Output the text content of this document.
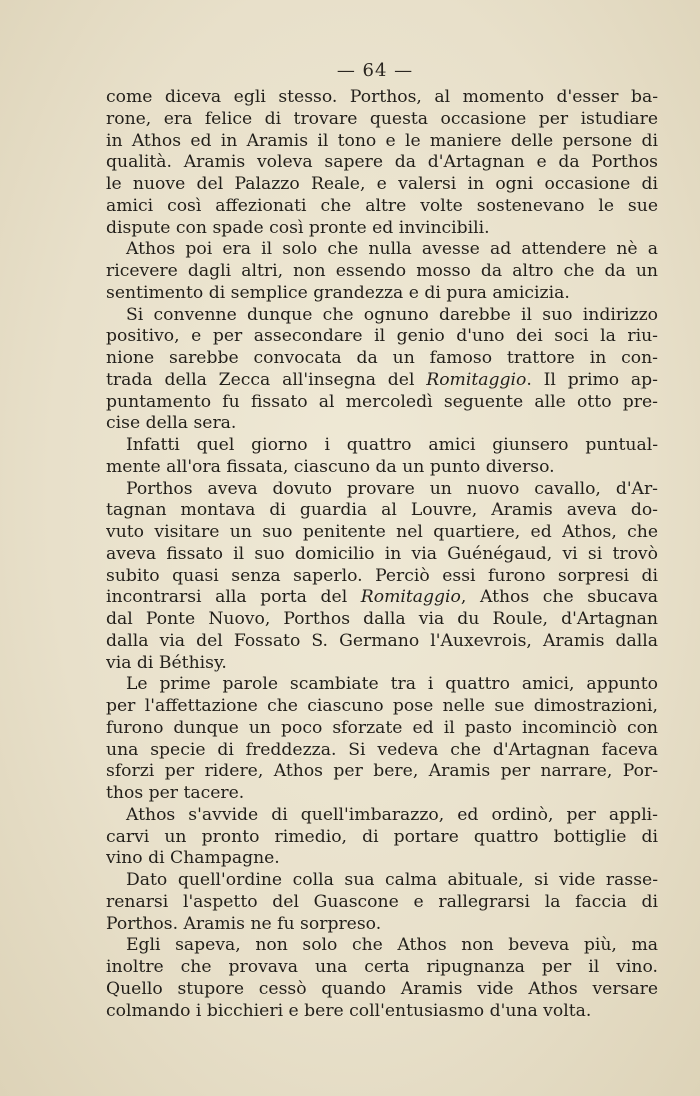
— 64 —
come diceva egli stesso. Porthos, al momento d'esser ba-
rone, era felice di trovare questa occasione per istudiare
in Athos ed in Aramis il tono e le maniere delle persone di
qualità. Aramis voleva sapere da d'Artagnan e da Porthos
le nuove del Palazzo Reale, e valersi in ogni occasione di
amici così affezionati che altre volte sostenevano le sue
dispute con spade così pronte ed invincibili.
Athos poi era il solo che nulla avesse ad attendere nè a
ricevere dagli altri, non essendo mosso da altro che da un
sentimento di semplice grandezza e di pura amicizia.
Si convenne dunque che ognuno darebbe il suo indirizzo
positivo, e per assecondare il genio d'uno dei soci la riu-
nione sarebbe convocata da un famoso trattore in con-
trada della Zecca all'insegna del Romitaggio. Il primo ap-
puntamento fu fissato al mercoledì seguente alle otto pre-
cise della sera.
Infatti quel giorno i quattro amici giunsero puntual-
mente all'ora fissata, ciascuno da un punto diverso.
Porthos aveva dovuto provare un nuovo cavallo, d'Ar-
tagnan montava di guardia al Louvre, Aramis aveva do-
vuto visitare un suo penitente nel quartiere, ed Athos, che
aveva fissato il suo domicilio in via Guénégaud, vi si trovò
subito quasi senza saperlo. Perciò essi furono sorpresi di
incontrarsi alla porta del Romitaggio, Athos che sbucava
dal Ponte Nuovo, Porthos dalla via du Roule, d'Artagnan
dalla via del Fossato S. Germano l'Auxevrois, Aramis dalla
via di Béthisy.
Le prime parole scambiate tra i quattro amici, appunto
per l'affettazione che ciascuno pose nelle sue dimostrazioni,
furono dunque un poco sforzate ed il pasto incominciò con
una specie di freddezza. Si vedeva che d'Artagnan faceva
sforzi per ridere, Athos per bere, Aramis per narrare, Por-
thos per tacere.
Athos s'avvide di quell'imbarazzo, ed ordinò, per appli-
carvi un pronto rimedio, di portare quattro bottiglie di
vino di Champagne.
Dato quell'ordine colla sua calma abituale, si vide rasse-
renarsi l'aspetto del Guascone e rallegrarsi la faccia di
Porthos. Aramis ne fu sorpreso.
Egli sapeva, non solo che Athos non beveva più, ma
inoltre che provava una certa ripugnanza per il vino.
Quello stupore cessò quando Aramis vide Athos versare
colmando i bicchieri e bere coll'entusiasmo d'una volta.
